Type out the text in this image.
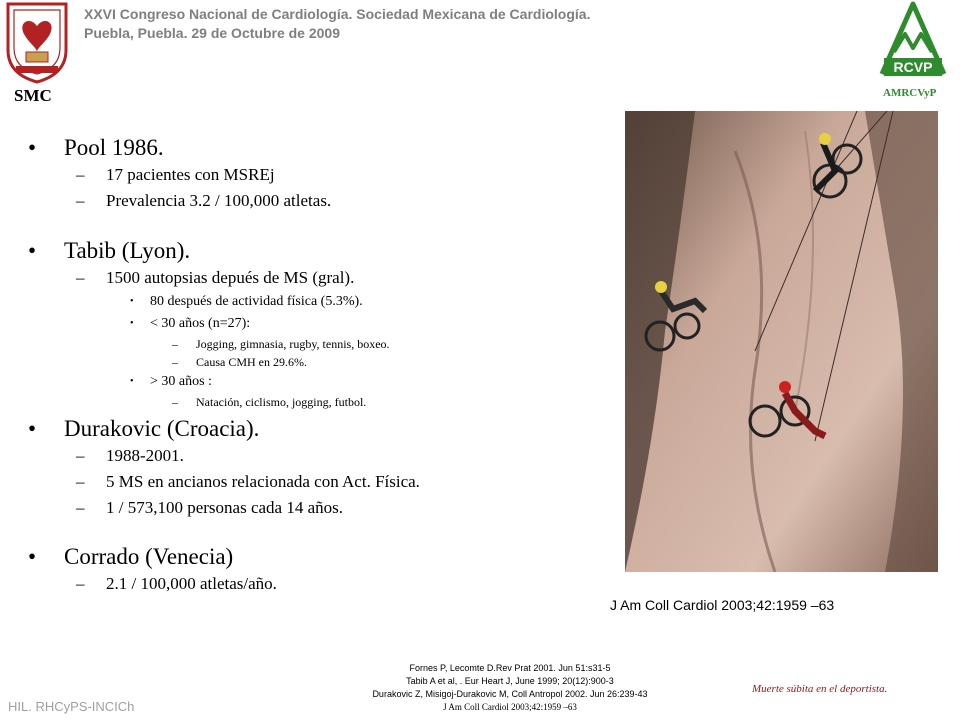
SMC
XXVI Congreso Nacional de Cardiología. Sociedad Mexicana de Cardiología.
Puebla, Puebla. 29 de Octubre de 2009
RCVP
AMRCVyP
• Pool 1986.
– 17 pacientes con MSREj
– Prevalencia 3.2 / 100,000 atletas.
• Tabib (Lyon).
– 1500 autopsias depués de MS (gral).
• 80 después de actividad física (5.3%).
• < 30 años (n=27):
– Jogging, gimnasia, rugby, tennis, boxeo.
– Causa CMH en 29.6%.
• > 30 años :
– Natación, ciclismo, jogging, futbol.
• Durakovic (Croacia).
– 1988-2001.
– 5 MS en ancianos relacionada con Act. Física.
– 1 / 573,100 personas cada 14 años.
• Corrado (Venecia)
– 2.1 / 100,000 atletas/año.
J Am Coll Cardiol 2003;42:1959 –63
Fornes P, Lecomte D.Rev Prat 2001. Jun 51:s31-5
Tabib A et al, . Eur Heart J, June 1999; 20(12):900-3
Durakovic Z, Misigoj-Durakovic M, Coll Antropol 2002. Jun 26:239-43
J Am Coll Cardiol 2003;42:1959 –63
HIL. RHCyPS-INCICh
Muerte súbita en el deportista.
